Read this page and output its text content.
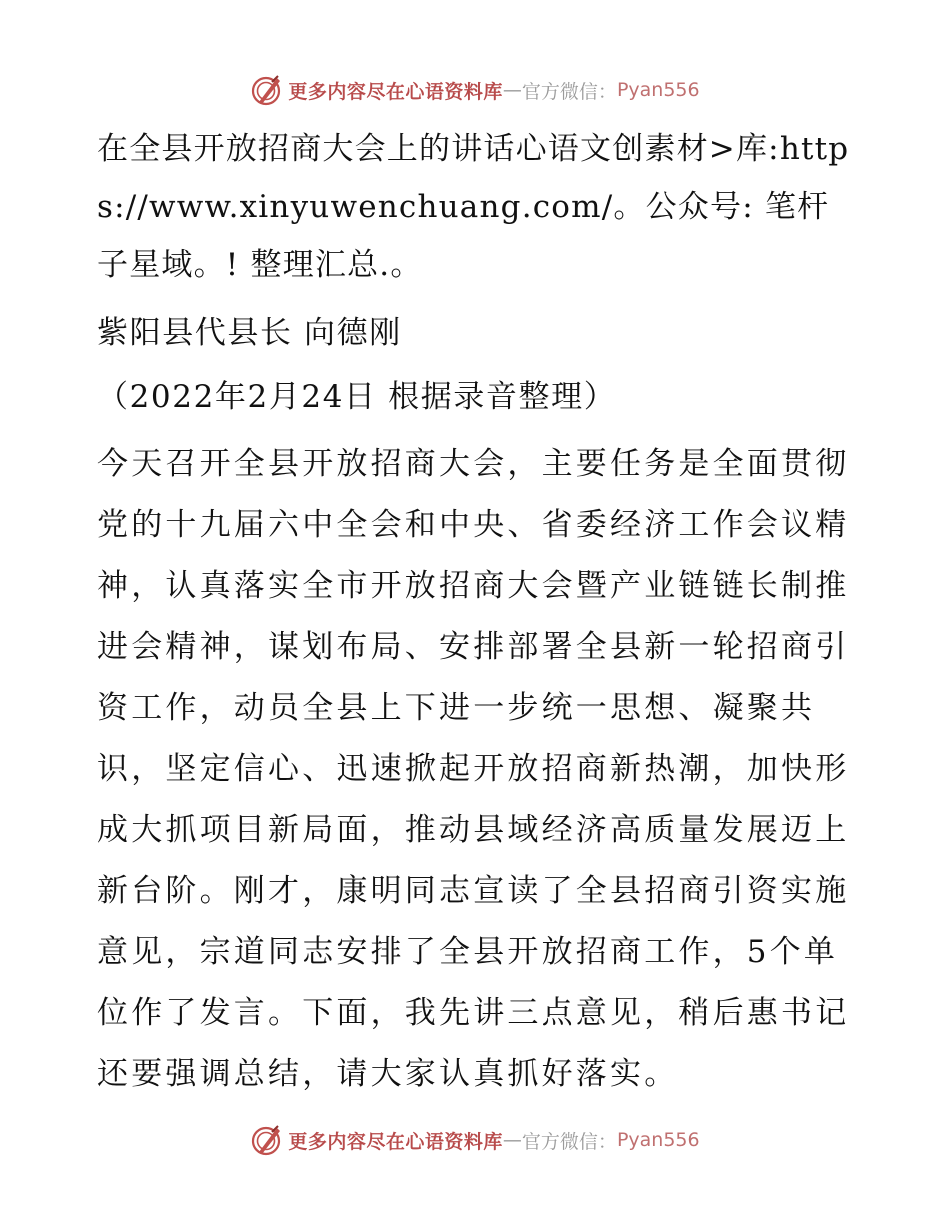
更多内容尽在心语资料库 — 官方微信： Pyan556

在全县开放招商大会上的讲话心语文创素材>库:https://www.xinyuwenchuang.com/。公众号: 笔杆子星域。! 整理汇总.。

紫阳县代县长 向德刚

（2022年2月24日 根据录音整理）

今天召开全县开放招商大会，主要任务是全面贯彻党的十九届六中全会和中央、省委经济工作会议精神，认真落实全市开放招商大会暨产业链链长制推进会精神，谋划布局、安排部署全县新一轮招商引资工作，动员全县上下进一步统一思想、凝聚共识，坚定信心、迅速掀起开放招商新热潮，加快形成大抓项目新局面，推动县域经济高质量发展迈上新台阶。刚才，康明同志宣读了全县招商引资实施意见，宗道同志安排了全县开放招商工作，5个单位作了发言。下面，我先讲三点意见，稍后惠书记还要强调总结，请大家认真抓好落实。

更多内容尽在心语资料库 — 官方微信： Pyan556
